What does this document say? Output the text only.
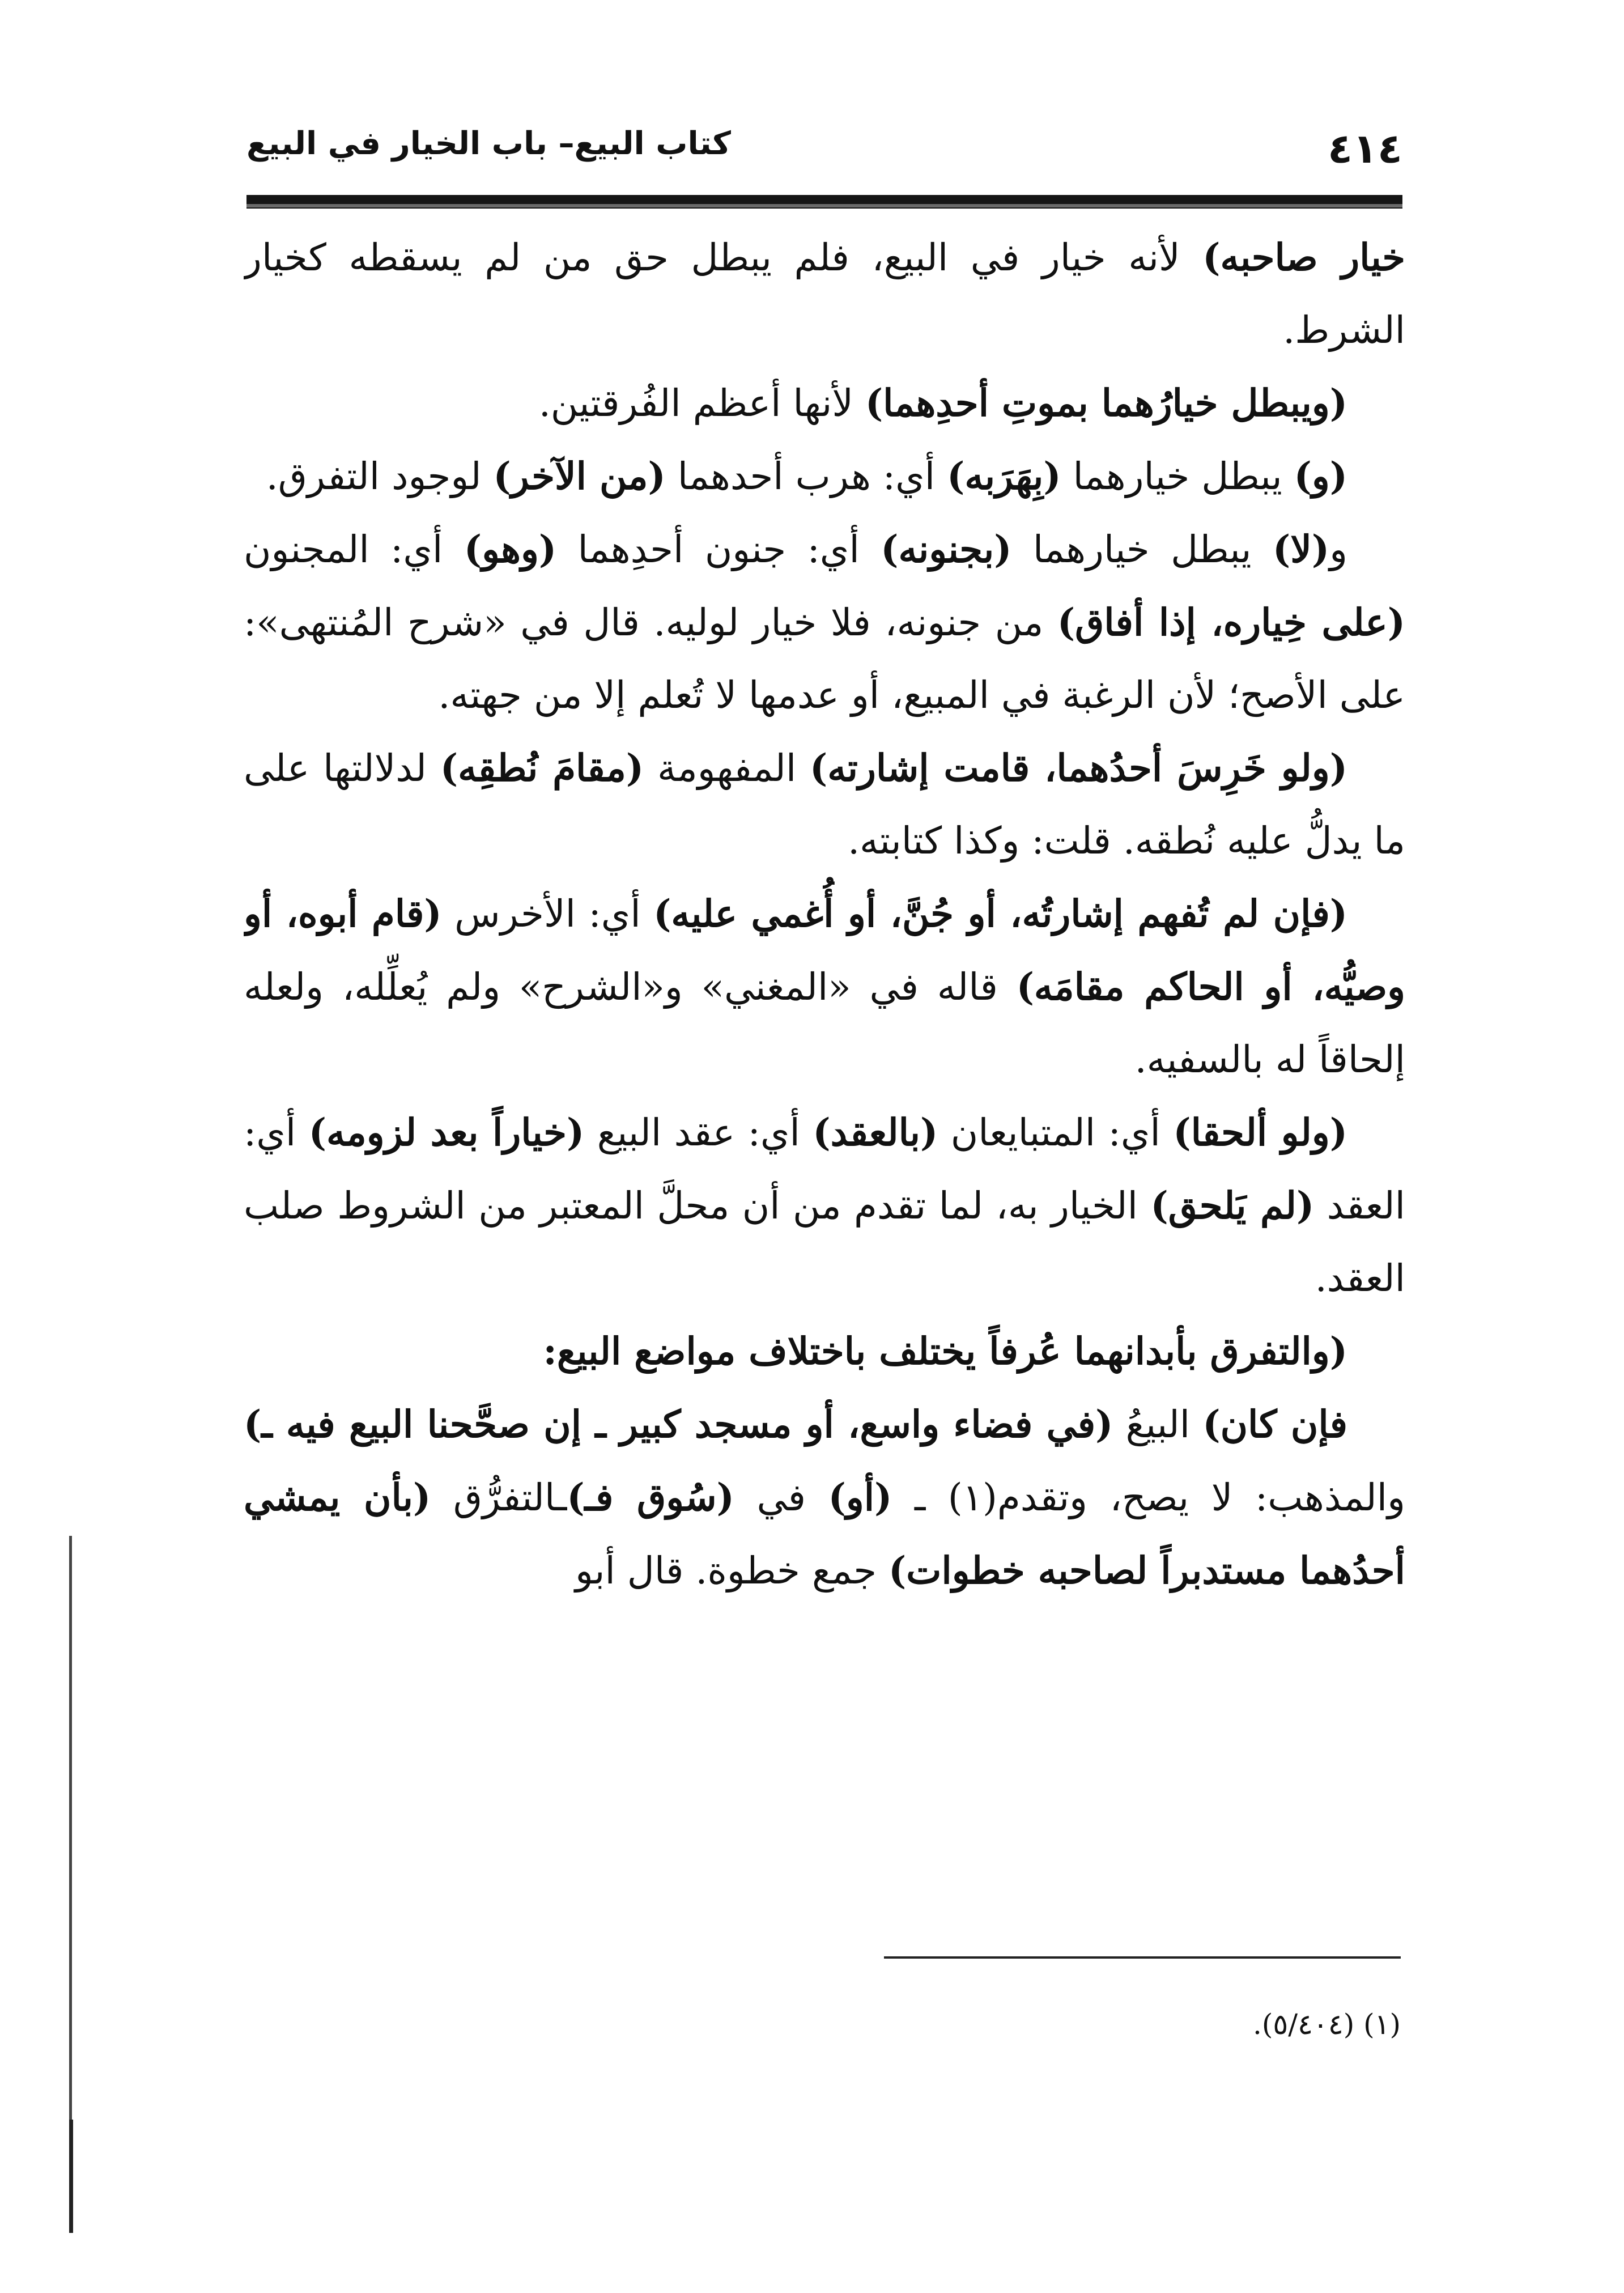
٤١٤
كتاب البيع– باب الخيار في البيع

خيار صاحبه) لأنه خيار في البيع، فلم يبطل حق من لم يسقطه كخيار الشرط.

(ويبطل خيارُهما بموتِ أحدِهما) لأنها أعظم الفُرقتين.

(و) يبطل خيارهما (بِهَرَبه) أي: هرب أحدهما (من الآخر) لوجود التفرق.

و(لا) يبطل خيارهما (بجنونه) أي: جنون أحدِهما (وهو) أي: المجنون (على خِياره، إذا أفاق) من جنونه، فلا خيار لوليه. قال في «شرح المُنتهى»: على الأصح؛ لأن الرغبة في المبيع، أو عدمها لا تُعلم إلا من جهته.

(ولو خَرِسَ أحدُهما، قامت إشارته) المفهومة (مقامَ نُطقِه) لدلالتها على ما يدلُّ عليه نُطقه. قلت: وكذا كتابته.

(فإن لم تُفهم إشارتُه، أو جُنَّ، أو أُغمي عليه) أي: الأخرس (قام أبوه، أو وصيُّه، أو الحاكم مقامَه) قاله في «المغني» و«الشرح» ولم يُعلِّله، ولعله إلحاقاً له بالسفيه.

(ولو ألحقا) أي: المتبايعان (بالعقد) أي: عقد البيع (خياراً بعد لزومه) أي: العقد (لم يَلحق) الخيار به، لما تقدم من أن محلَّ المعتبر من الشروط صلب العقد.

(والتفرق بأبدانهما عُرفاً يختلف باختلاف مواضع البيع:

فإن كان) البيعُ (في فضاء واسع، أو مسجد كبير ـ إن صحَّحنا البيع فيه ـ) والمذهب: لا يصح، وتقدم(١) ـ (أو) في (سُوق فـ)ـالتفرُّق (بأن يمشي أحدُهما مستدبراً لصاحبه خطوات) جمع خطوة. قال أبو

(١) (٥/٤٠٤).
